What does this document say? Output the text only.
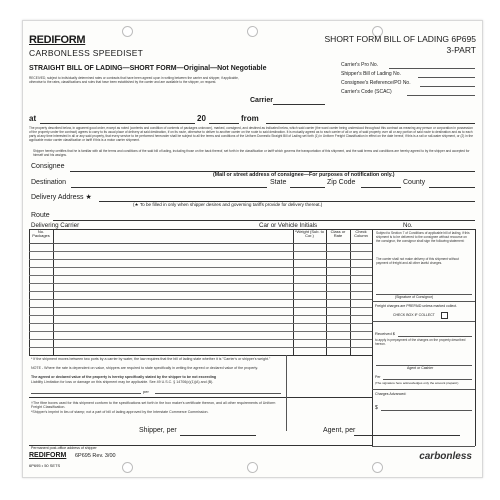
REDIFORM
CARBONLESS SPEEDISET
SHORT FORM BILL OF LADING 6P695
3-PART
STRAIGHT BILL OF LADING—SHORT FORM—Original—Not Negotiable
RECEIVED, subject to individually determined rates or contracts that have been agreed upon in writing between the carrier and shipper, if applicable, otherwise to the rates, classifications and rules that have been established by the carrier and are available to the shipper, on request.
Carrier
Carrier's Pro No.
Shipper's Bill of Lading No.
Consignee's Reference/PO No.
Carrier's Code (SCAC)
at	20	from
The property described below, in apparent good order, except as noted (contents and condition of contents of packages unknown), marked, consigned, and destined as indicated below, which said carrier (the word carrier being understood throughout this contract as meaning any person or corporation in possession of the property under the contract) agrees to carry to its usual place of delivery at said destination, if on its route, otherwise to deliver to another carrier on the route to said destination. It is mutually agreed as to each carrier of all or any of said property over all or any portion of said route to destination and as to each party at any time interested in all or any said property, that every service to be performed hereunder shall be subject to all the terms and conditions of the Uniform Domestic Straight Bill of Lading set forth (1) in Uniform Freight Classification in effect on the date hereof, if this is a rail or rail-water shipment, or (2) in the applicable motor carrier classification or tariff if this is a motor carrier shipment.
Shipper hereby certifies that he is familiar with all the terms and conditions of the said bill of lading, including those on the back thereof, set forth in the classification or tariff which governs the transportation of this shipment, and the said terms and conditions are hereby agreed to by the shipper and accepted for himself and his assigns.
Consignee
(Mail or street address of consignee—For purposes of notification only.)
Destination	State	Zip Code	County
Delivery Address ★
(★ To be filled in only when shipper desires and governing tariffs provide for delivery thereat.)
Route
Delivering Carrier	Car or Vehicle Initials	No.
No. Packages
*Weight (Sub. to Cor.)
Class or Rate
Check Column
Subject to Section 7 of Conditions of applicable bill of lading, if this shipment is to be delivered to the consignee without recourse on the consignor, the consignor shall sign the following statement:
The carrier shall not make delivery of this shipment without payment of freight and all other lawful charges.
(Signature of Consignor)
Freight charges are PREPAID unless marked collect.
CHECK BOX IF COLLECT
Received $
to apply in prepayment of the charges on the property described hereon.
Agent or Cashier
Per
(The signature here acknowledges only the amount prepaid.)
Charges Advanced:
$
* If the shipment moves between two ports by a carrier by water, the law requires that the bill of lading state whether it is "Carrier's or shipper's weight."
NOTE - Where the rate is dependent on value, shippers are required to state specifically in writing the agreed or declared value of the property.
The agreed or declared value of the property is hereby specifically stated by the shipper to be not exceeding
Liability Limitation for loss or damage on this shipment may be applicable. See 49 U.S.C. § 14706(c)(1)(A) and (B).
per
†The fibre boxes used for this shipment conform to the specifications set forth in the box maker's certificate thereon, and all other requirements of Uniform Freight Classification.
*Shipper's imprint in lieu of stamp; not a part of bill of lading approved by the Interstate Commerce Commission.
Shipper, per	Agent, per
Permanent post-office address of shipper
REDIFORM 6P695 Rev. 3/00
6P695 • 50 SETS
carbonless
